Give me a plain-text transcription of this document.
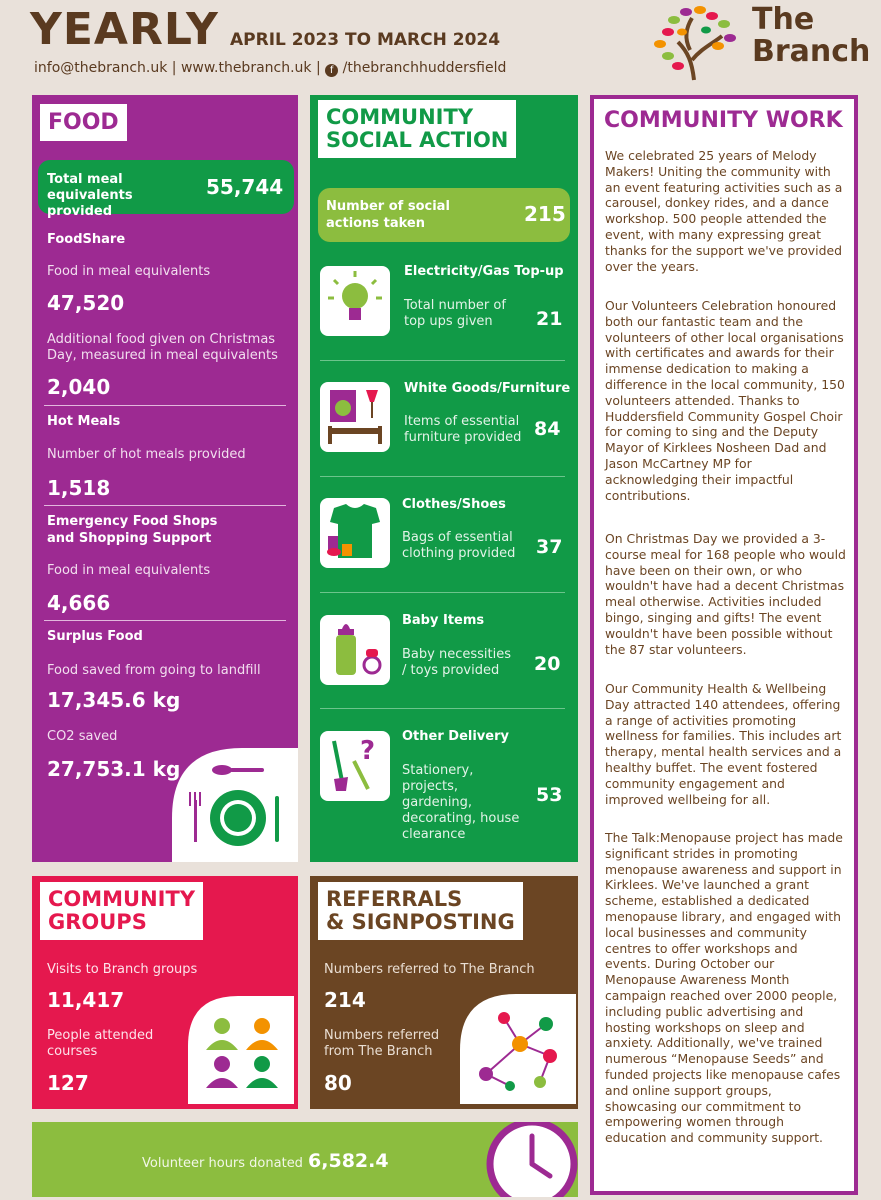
YEARLY APRIL 2023 TO MARCH 2024
info@thebranch.uk | www.thebranch.uk | f /thebranchhuddersfield
The
Branch
FOOD
Total meal equivalents provided
55,744
FoodShare
Food in meal equivalents
47,520
Additional food given on Christmas Day, measured in meal equivalents
2,040
Hot Meals
Number of hot meals provided
1,518
Emergency Food Shops and Shopping Support
Food in meal equivalents
4,666
Surplus Food
Food saved from going to landfill
17,345.6 kg
CO2 saved
27,753.1 kg
COMMUNITY
SOCIAL ACTION
Number of social actions taken	215
Electricity/Gas Top-up
Total number of top ups given	21
White Goods/Furniture
Items of essential furniture provided 84
Clothes/Shoes
Bags of essential clothing provided	37
Baby Items
Baby necessities / toys provided	20
? Other Delivery
Stationery, projects, gardening, decorating, house clearance
53
COMMUNITY WORK
We celebrated 25 years of Melody Makers! Uniting the community with an event featuring activities such as a carousel, donkey rides, and a dance workshop. 500 people attended the event, with many expressing great thanks for the support we've provided over the years.
Our Volunteers Celebration honoured both our fantastic team and the volunteers of other local organisations with certificates and awards for their immense dedication to making a difference in the local community, 150 volunteers attended. Thanks to Huddersfield Community Gospel Choir for coming to sing and the Deputy Mayor of Kirklees Nosheen Dad and Jason McCartney MP for acknowledging their impactful contributions.
On Christmas Day we provided a 3-course meal for 168 people who would have been on their own, or who wouldn't have had a decent Christmas meal otherwise. Activities included bingo, singing and gifts! The event wouldn't have been possible without the 87 star volunteers.
Our Community Health & Wellbeing Day attracted 140 attendees, offering a range of activities promoting wellness for families. This includes art therapy, mental health services and a healthy buffet. The event fostered community engagement and improved wellbeing for all.
The Talk:Menopause project has made significant strides in promoting menopause awareness and support in Kirklees. We've launched a grant scheme, established a dedicated menopause library, and engaged with local businesses and community centres to offer workshops and events. During October our Menopause Awareness Month campaign reached over 2000 people, including public advertising and hosting workshops on sleep and anxiety. Additionally, we've trained numerous “Menopause Seeds” and funded projects like menopause cafes and online support groups, showcasing our commitment to empowering women through education and community support.
COMMUNITY
GROUPS
Visits to Branch groups
11,417
People attended courses
127
REFERRALS
& SIGNPOSTING
Numbers referred to The Branch
214
Numbers referred from The Branch
80
Volunteer hours donated 6,582.4
